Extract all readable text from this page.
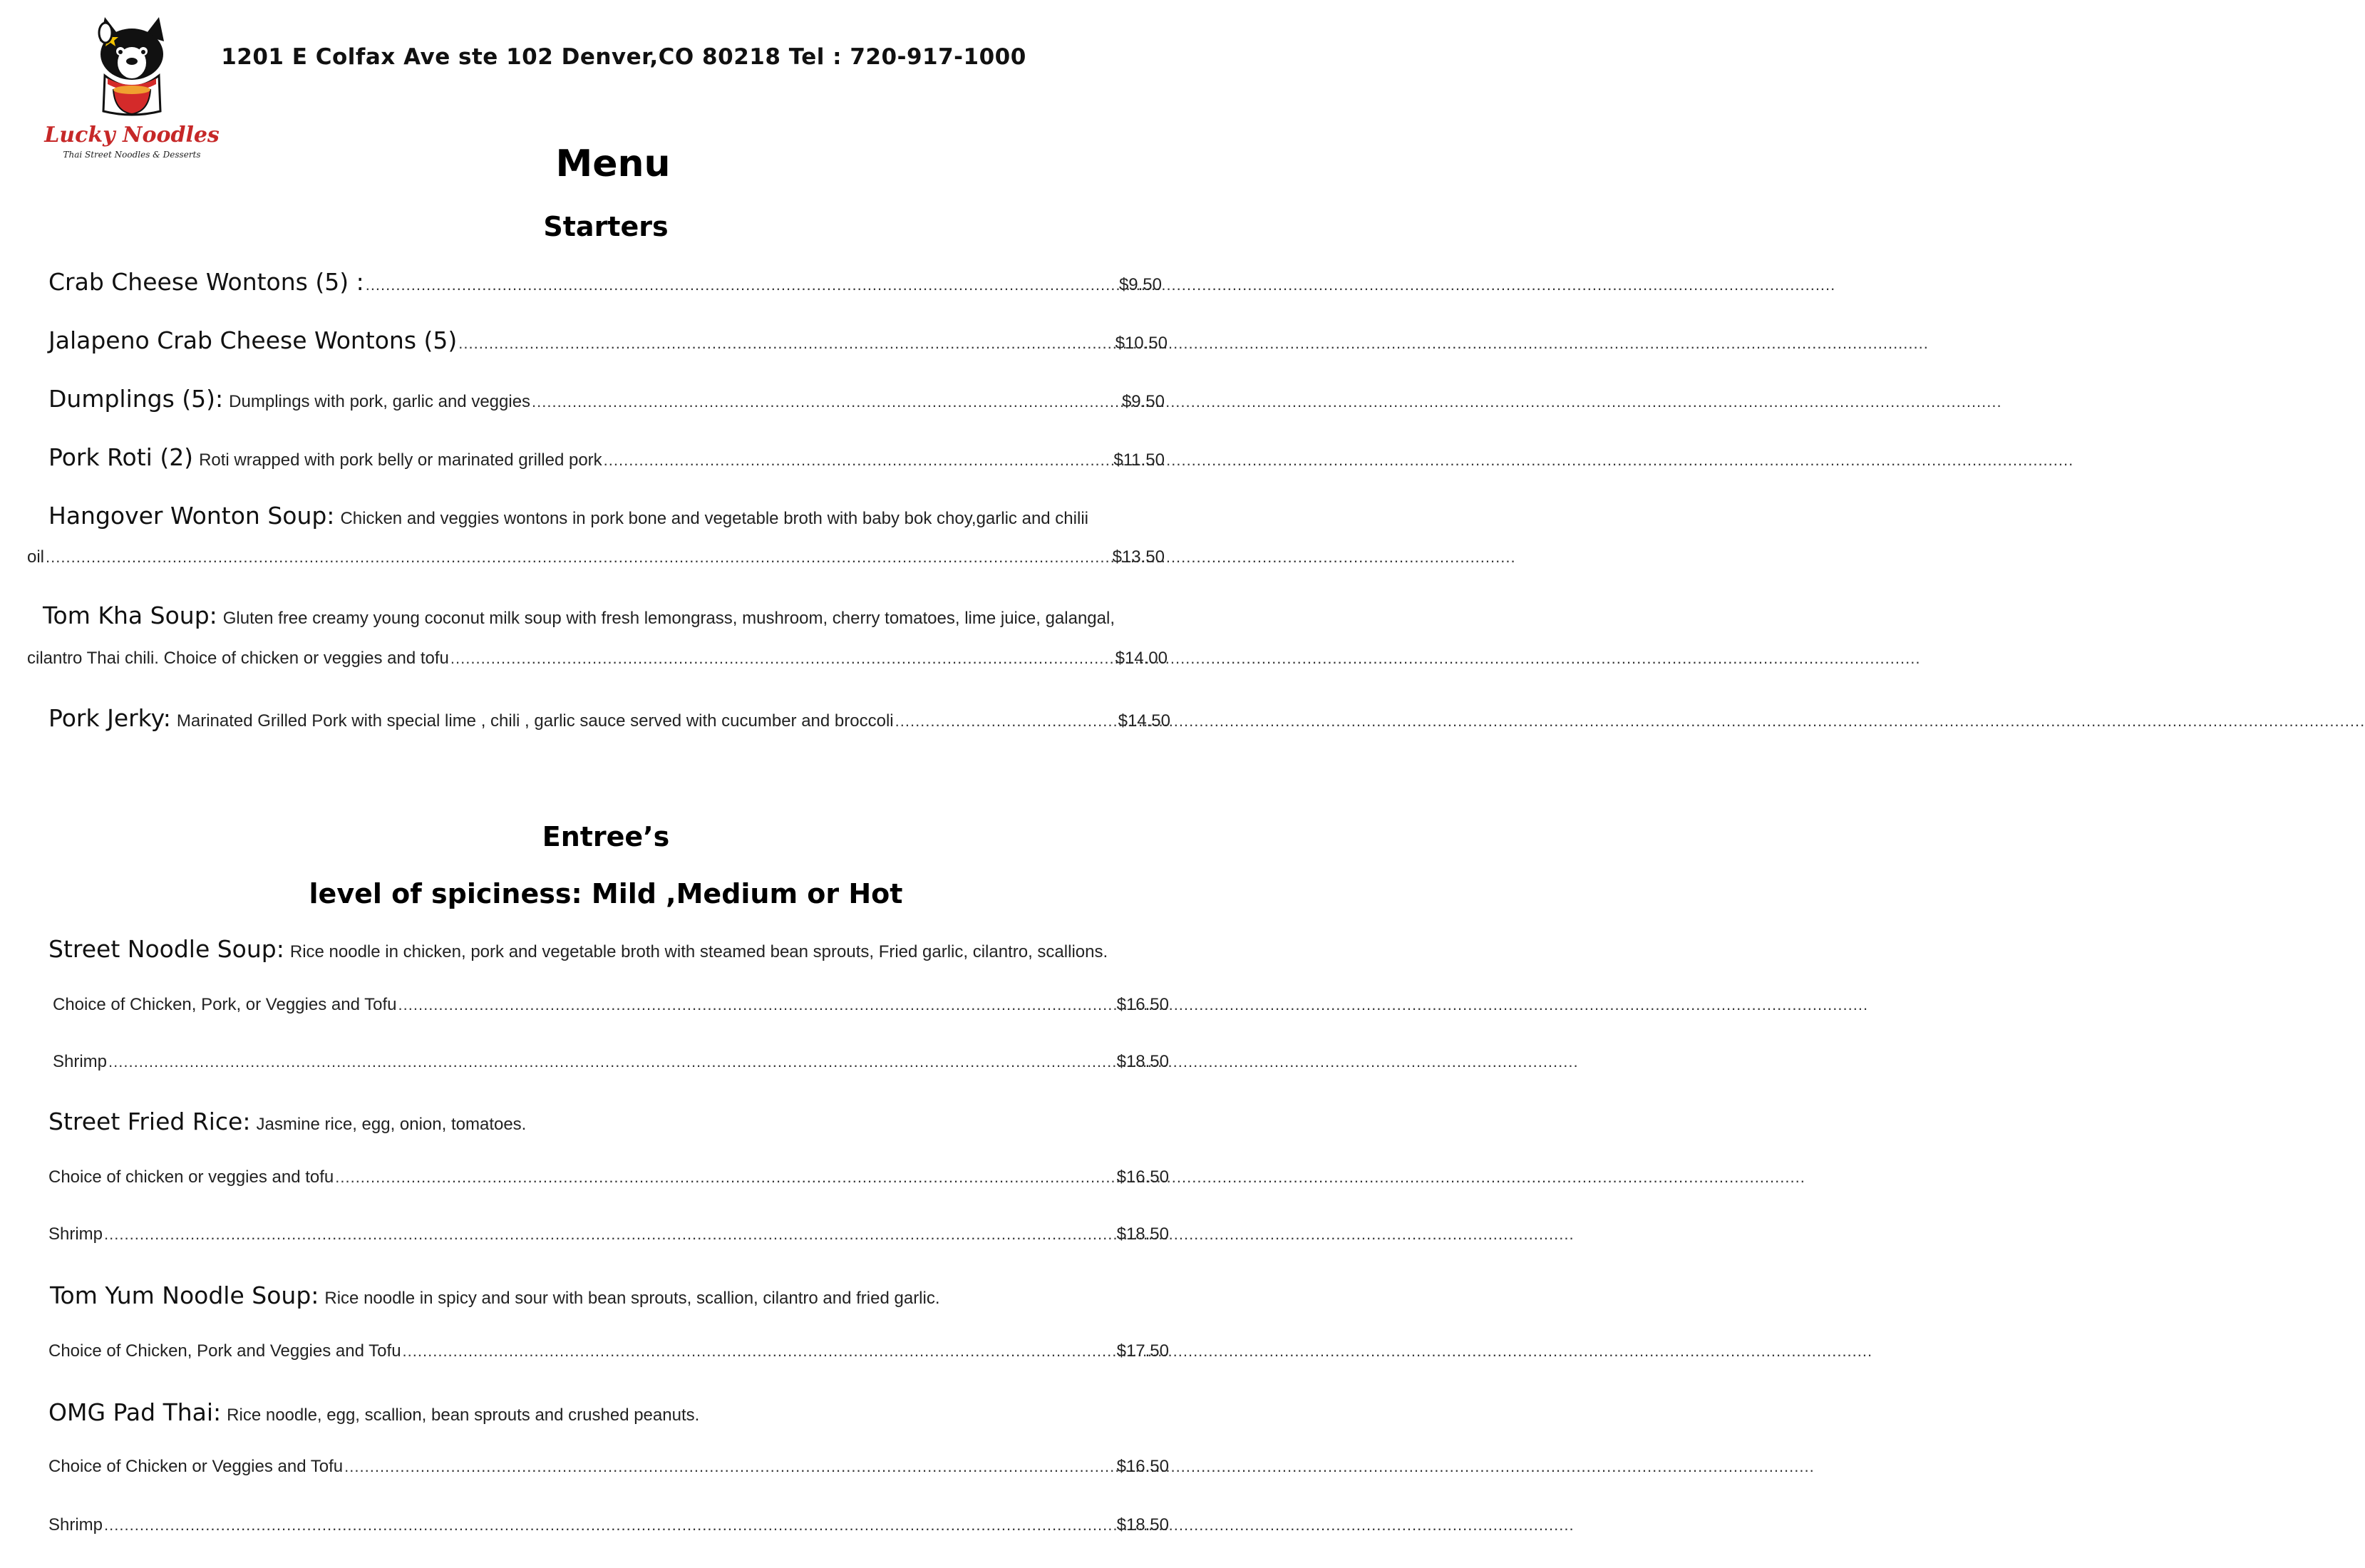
Lucky Noodles
Thai Street Noodles & Desserts
1201 E Colfax Ave ste 102 Denver,CO 80218 Tel : 720-917-1000
Menu
Starters
Crab Cheese Wontons (5) : .....	$9.50
Jalapeno Crab Cheese Wontons (5) .....	$10.50
Dumplings (5): Dumplings with pork, garlic and veggies .....	$9.50
Pork Roti (2) Roti wrapped with pork belly or marinated grilled pork .....	$11.50
Hangover Wonton Soup: Chicken and veggies wontons in pork bone and vegetable broth with baby bok choy,garlic and chilii
oil .....	$13.50
Tom Kha Soup: Gluten free creamy young coconut milk soup with fresh lemongrass, mushroom, cherry tomatoes, lime juice, galangal,
cilantro Thai chili. Choice of chicken or veggies and tofu .....	$14.00
Pork Jerky: Marinated Grilled Pork with special lime , chili , garlic sauce served with cucumber and broccoli .....	$14.50
Entree’s
level of spiciness: Mild ,Medium or Hot
Street Noodle Soup: Rice noodle in chicken, pork and vegetable broth with steamed bean sprouts, Fried garlic, cilantro, scallions.
Choice of Chicken, Pork, or Veggies and Tofu .....	$16.50
Shrimp .....	$18.50
Street Fried Rice: Jasmine rice, egg, onion, tomatoes.
Choice of chicken or veggies and tofu .....	$16.50
Shrimp .....	$18.50
Tom Yum Noodle Soup: Rice noodle in spicy and sour with bean sprouts, scallion, cilantro and fried garlic.
Choice of Chicken, Pork and Veggies and Tofu .....	$17.50
OMG Pad Thai: Rice noodle, egg, scallion, bean sprouts and crushed peanuts.
Choice of Chicken or Veggies and Tofu .....	$16.50
Shrimp .....	$18.50
